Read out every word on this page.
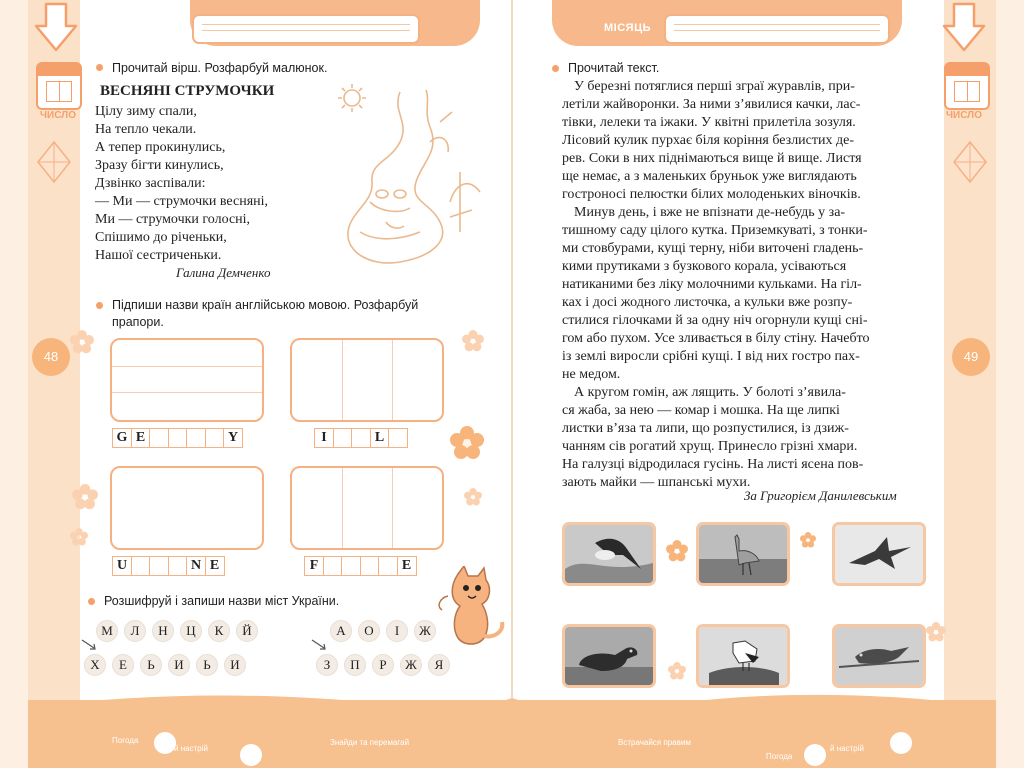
МІСЯЦЬ	МІСЯЦЬ
ЧИСЛО	ЧИСЛО
48	49
Прочитай вірш. Розфарбуй малюнок.
ВЕСНЯНІ СТРУМОЧКИ
Цілу зиму спали,
На тепло чекали.
А тепер прокинулись,
Зразу бігти кинулись,
Дзвінко заспівали:
— Ми — струмочки весняні,
Ми — струмочки голосні,
Спішимо до річеньки,
Нашої сестриченьки.
Галина Демченко
Підпиши назви країн англійською мовою. Розфарбуй
прапори.
G E	Y	I	L
U	N E	F	E
Розшифруй і запиши назви міст України.
М	Л	Н	Ц	К	Й
Х	Е	Ь	И	Ь	И
А	О	І	Ж
З	П	Р	Ж	Я
Прочитай текст.
У березні потяглися перші зграї журавлів, при-
летіли жайворонки. За ними з’явилися качки, лас-
тівки, лелеки та іжаки. У квітні прилетіла зозуля.
Лісовий кулик пурхає біля коріння безлистих де-
рев. Соки в них піднімаються вище й вище. Листя
ще немає, а з маленьких бруньок уже виглядають
гостроносі пелюстки білих молоденьких віночків.
Минув день, і вже не впізнати де-небудь у за-
тишному саду цілого кутка. Приземкуваті, з тонки-
ми стовбурами, кущі терну, ніби виточені гладень-
кими прутиками з бузкового корала, усіваються
натиканими без ліку молочними кульками. На гіл-
ках і досі жодного листочка, а кульки вже розпу-
стилися гілочками й за одну ніч огорнули кущі сні-
гом або пухом. Усе зливається в білу стіну. Начебто
із землі виросли срібні кущі. І від них гостро пах-
не медом.
А кругом гомін, аж лящить. У болоті з’явила-
ся жаба, за нею — комар і мошка. На ще липкі
листки в’яза та липи, що розпустилися, із дзиж-
чанням сів рогатий хрущ. Принесло грізні хмари.
На галузці відродилася гусінь. На листі ясена пов-
зають майки — шпанські мухи.
За Григорієм Данилевським
Погода
й настрій
Знайди та перемагай	Встрачайся правим
Погода
й настрій
